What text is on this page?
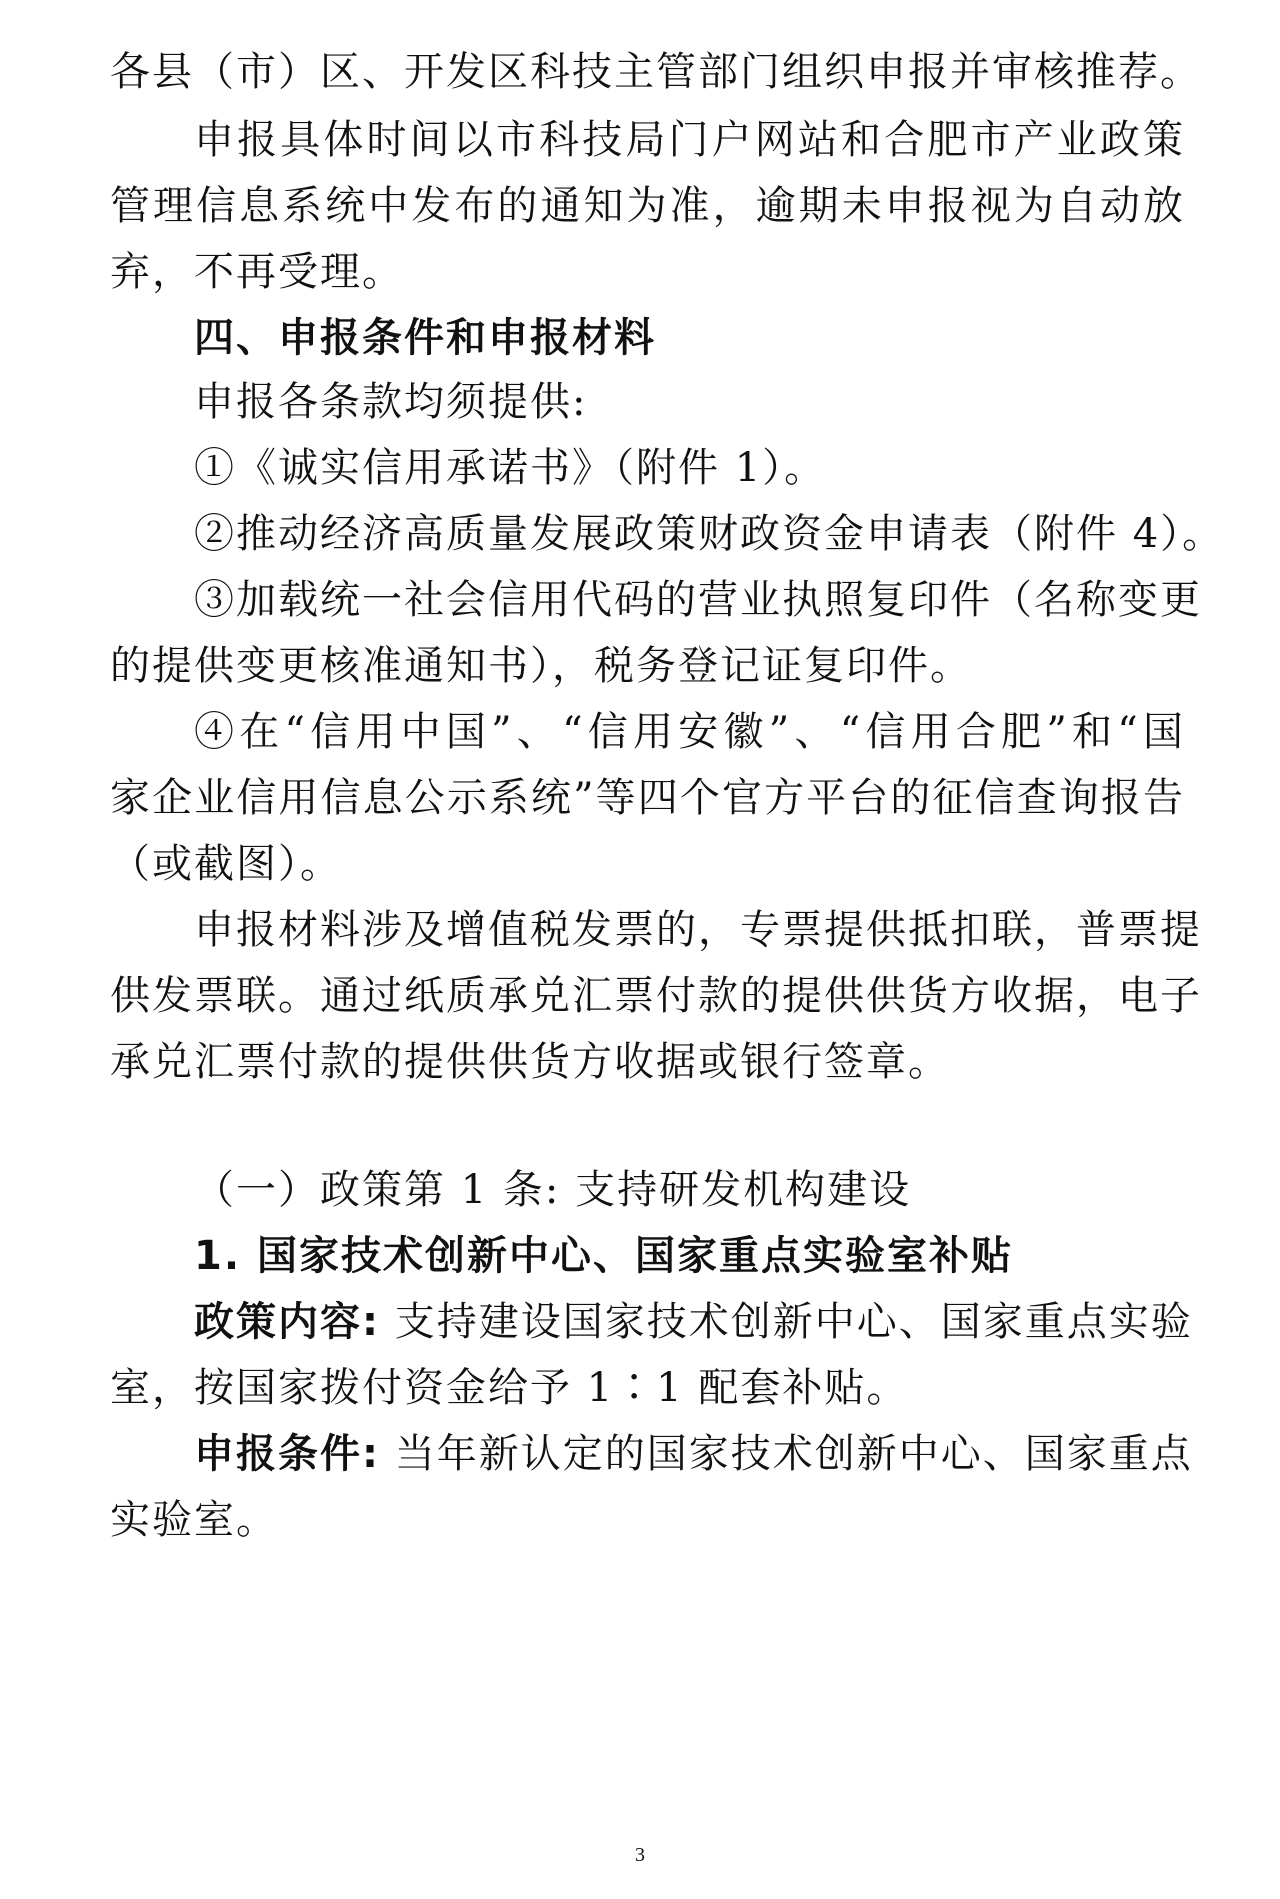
各县（市）区、开发区科技主管部门组织申报并审核推荐。
申报具体时间以市科技局门户网站和合肥市产业政策
管理信息系统中发布的通知为准，逾期未申报视为自动放
弃，不再受理。
四、申报条件和申报材料
申报各条款均须提供:
①《诚实信用承诺书》（附件 1）。
②推动经济高质量发展政策财政资金申请表（附件 4）。
③加载统一社会信用代码的营业执照复印件（名称变更
的提供变更核准通知书），税务登记证复印件。
④在“信用中国”、“信用安徽”、“信用合肥”和“国
家企业信用信息公示系统”等四个官方平台的征信查询报告
（或截图）。
申报材料涉及增值税发票的，专票提供抵扣联，普票提
供发票联。通过纸质承兑汇票付款的提供供货方收据，电子
承兑汇票付款的提供供货方收据或银行签章。
（一）政策第 1 条: 支持研发机构建设
1. 国家技术创新中心、国家重点实验室补贴
政策内容: 支持建设国家技术创新中心、国家重点实验
室，按国家拨付资金给予 1∶1 配套补贴。
申报条件: 当年新认定的国家技术创新中心、国家重点
实验室。
3
